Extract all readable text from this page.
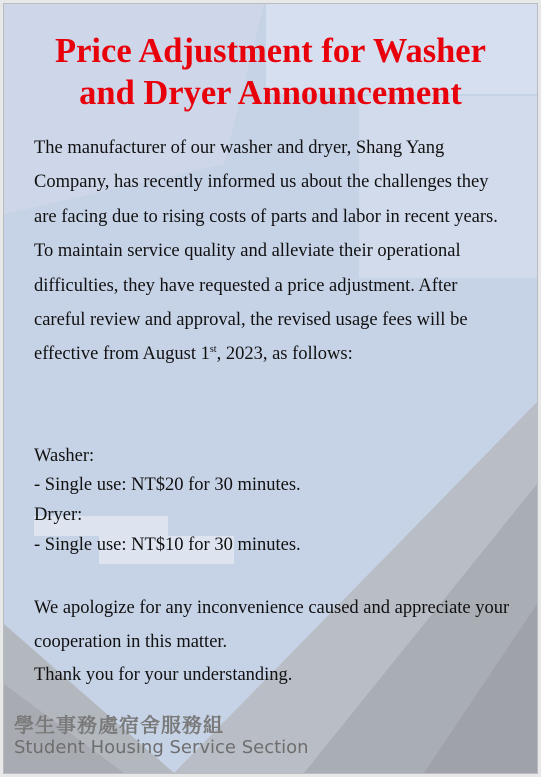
Price Adjustment for Washer
and Dryer Announcement

The manufacturer of our washer and dryer, Shang Yang Company, has recently informed us about the challenges they are facing due to rising costs of parts and labor in recent years. To maintain service quality and alleviate their operational difficulties, they have requested a price adjustment. After careful review and approval, the revised usage fees will be effective from August 1st, 2023, as follows:

Washer:

- Single use: NT$20 for 30 minutes.

Dryer:

- Single use: NT$10 for 30 minutes.

We apologize for any inconvenience caused and appreciate your cooperation in this matter.

Thank you for your understanding.

學生事務處宿舍服務組

Student Housing Service Section
